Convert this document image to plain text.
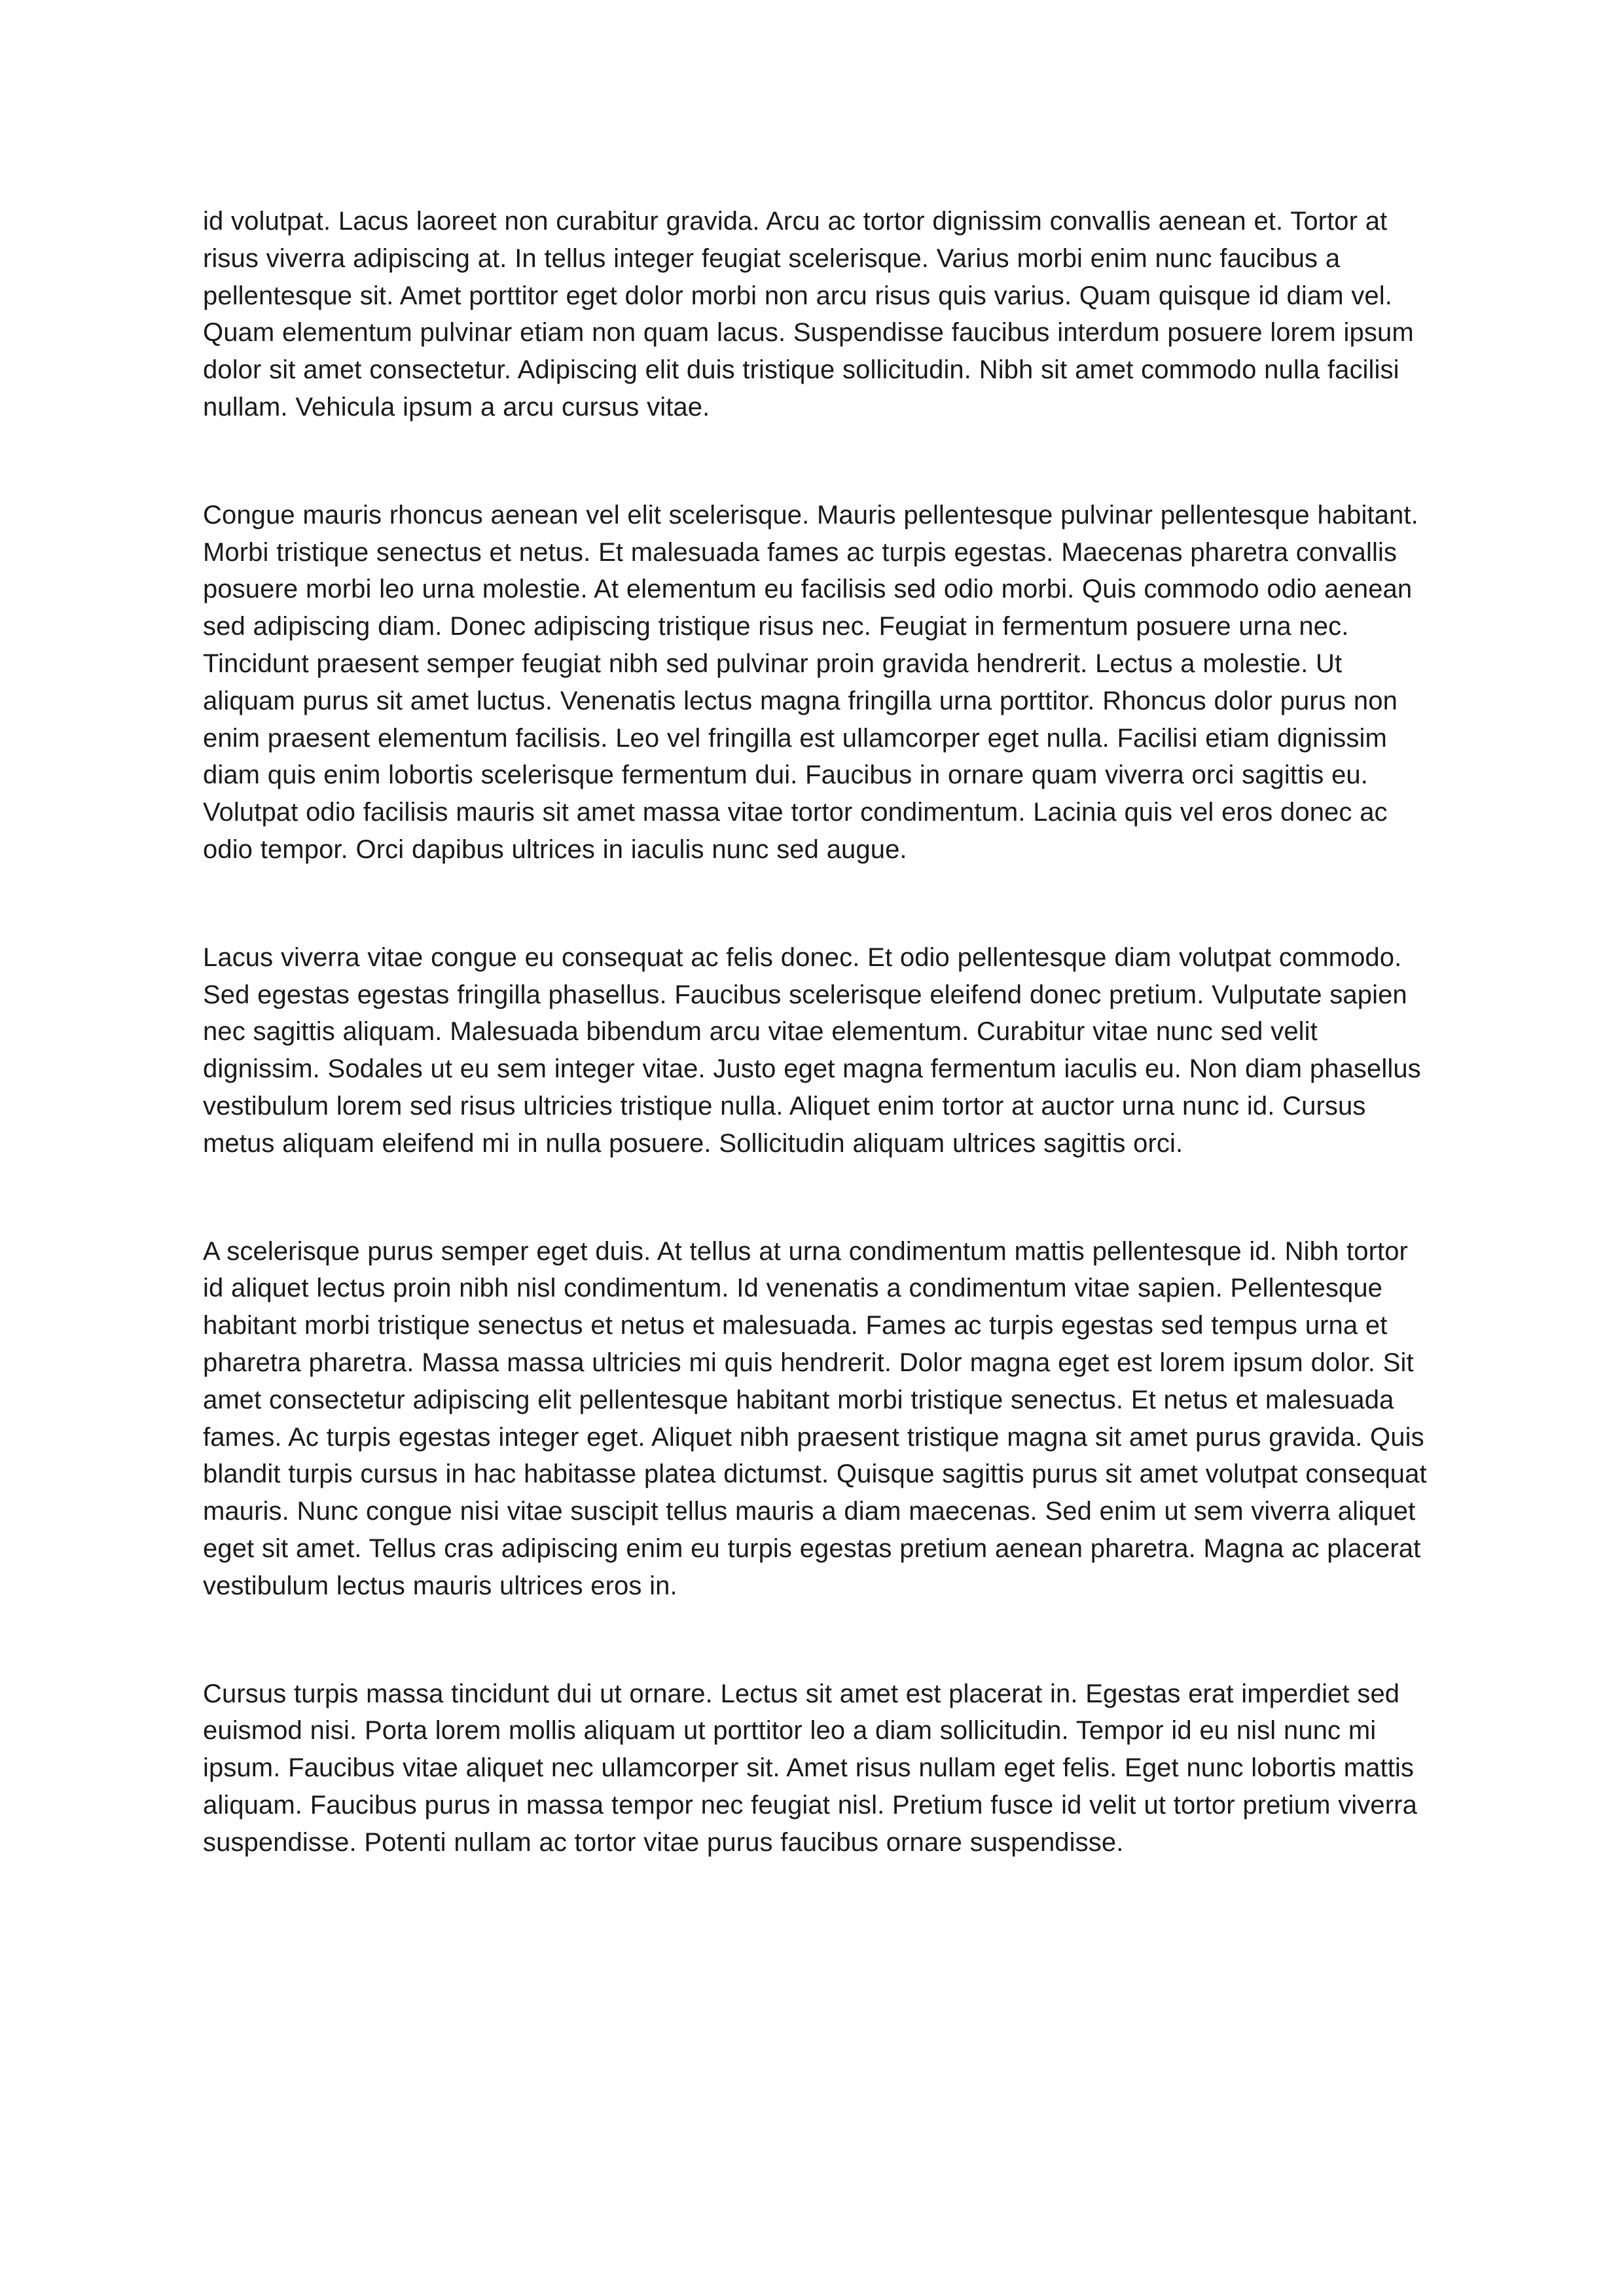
id volutpat. Lacus laoreet non curabitur gravida. Arcu ac tortor dignissim convallis aenean et. Tortor at risus viverra adipiscing at. In tellus integer feugiat scelerisque. Varius morbi enim nunc faucibus a pellentesque sit. Amet porttitor eget dolor morbi non arcu risus quis varius. Quam quisque id diam vel. Quam elementum pulvinar etiam non quam lacus. Suspendisse faucibus interdum posuere lorem ipsum dolor sit amet consectetur. Adipiscing elit duis tristique sollicitudin. Nibh sit amet commodo nulla facilisi nullam. Vehicula ipsum a arcu cursus vitae.

Congue mauris rhoncus aenean vel elit scelerisque. Mauris pellentesque pulvinar pellentesque habitant. Morbi tristique senectus et netus. Et malesuada fames ac turpis egestas. Maecenas pharetra convallis posuere morbi leo urna molestie. At elementum eu facilisis sed odio morbi. Quis commodo odio aenean sed adipiscing diam. Donec adipiscing tristique risus nec. Feugiat in fermentum posuere urna nec. Tincidunt praesent semper feugiat nibh sed pulvinar proin gravida hendrerit. Lectus a molestie. Ut aliquam purus sit amet luctus. Venenatis lectus magna fringilla urna porttitor. Rhoncus dolor purus non enim praesent elementum facilisis. Leo vel fringilla est ullamcorper eget nulla. Facilisi etiam dignissim diam quis enim lobortis scelerisque fermentum dui. Faucibus in ornare quam viverra orci sagittis eu. Volutpat odio facilisis mauris sit amet massa vitae tortor condimentum. Lacinia quis vel eros donec ac odio tempor. Orci dapibus ultrices in iaculis nunc sed augue.

Lacus viverra vitae congue eu consequat ac felis donec. Et odio pellentesque diam volutpat commodo. Sed egestas egestas fringilla phasellus. Faucibus scelerisque eleifend donec pretium. Vulputate sapien nec sagittis aliquam. Malesuada bibendum arcu vitae elementum. Curabitur vitae nunc sed velit dignissim. Sodales ut eu sem integer vitae. Justo eget magna fermentum iaculis eu. Non diam phasellus vestibulum lorem sed risus ultricies tristique nulla. Aliquet enim tortor at auctor urna nunc id. Cursus metus aliquam eleifend mi in nulla posuere. Sollicitudin aliquam ultrices sagittis orci.

A scelerisque purus semper eget duis. At tellus at urna condimentum mattis pellentesque id. Nibh tortor id aliquet lectus proin nibh nisl condimentum. Id venenatis a condimentum vitae sapien. Pellentesque habitant morbi tristique senectus et netus et malesuada. Fames ac turpis egestas sed tempus urna et pharetra pharetra. Massa massa ultricies mi quis hendrerit. Dolor magna eget est lorem ipsum dolor. Sit amet consectetur adipiscing elit pellentesque habitant morbi tristique senectus. Et netus et malesuada fames. Ac turpis egestas integer eget. Aliquet nibh praesent tristique magna sit amet purus gravida. Quis blandit turpis cursus in hac habitasse platea dictumst. Quisque sagittis purus sit amet volutpat consequat mauris. Nunc congue nisi vitae suscipit tellus mauris a diam maecenas. Sed enim ut sem viverra aliquet eget sit amet. Tellus cras adipiscing enim eu turpis egestas pretium aenean pharetra. Magna ac placerat vestibulum lectus mauris ultrices eros in.

Cursus turpis massa tincidunt dui ut ornare. Lectus sit amet est placerat in. Egestas erat imperdiet sed euismod nisi. Porta lorem mollis aliquam ut porttitor leo a diam sollicitudin. Tempor id eu nisl nunc mi ipsum. Faucibus vitae aliquet nec ullamcorper sit. Amet risus nullam eget felis. Eget nunc lobortis mattis aliquam. Faucibus purus in massa tempor nec feugiat nisl. Pretium fusce id velit ut tortor pretium viverra suspendisse. Potenti nullam ac tortor vitae purus faucibus ornare suspendisse.
